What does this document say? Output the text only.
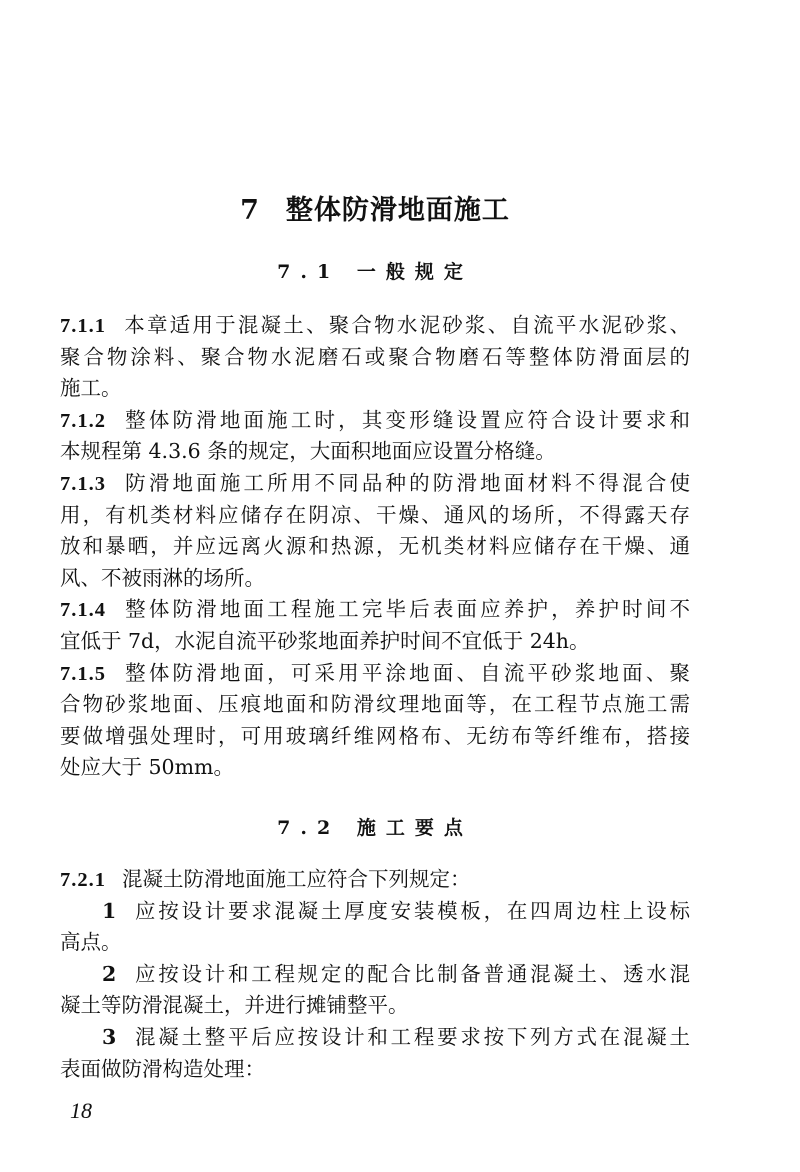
7 整体防滑地面施工
7.1 一般规定
7.1.1 本章适用于混凝土、聚合物水泥砂浆、自流平水泥砂浆、
聚合物涂料、聚合物水泥磨石或聚合物磨石等整体防滑面层的
施工。
7.1.2 整体防滑地面施工时，其变形缝设置应符合设计要求和
本规程第 4.3.6 条的规定，大面积地面应设置分格缝。
7.1.3 防滑地面施工所用不同品种的防滑地面材料不得混合使
用，有机类材料应储存在阴凉、干燥、通风的场所，不得露天存
放和暴晒，并应远离火源和热源，无机类材料应储存在干燥、通
风、不被雨淋的场所。
7.1.4 整体防滑地面工程施工完毕后表面应养护，养护时间不
宜低于 7d，水泥自流平砂浆地面养护时间不宜低于 24h。
7.1.5 整体防滑地面，可采用平涂地面、自流平砂浆地面、聚
合物砂浆地面、压痕地面和防滑纹理地面等，在工程节点施工需
要做增强处理时，可用玻璃纤维网格布、无纺布等纤维布，搭接
处应大于 50mm。
7.2 施工要点
7.2.1 混凝土防滑地面施工应符合下列规定：
1 应按设计要求混凝土厚度安装模板，在四周边柱上设标
高点。
2 应按设计和工程规定的配合比制备普通混凝土、透水混
凝土等防滑混凝土，并进行摊铺整平。
3 混凝土整平后应按设计和工程要求按下列方式在混凝土
表面做防滑构造处理：
18
